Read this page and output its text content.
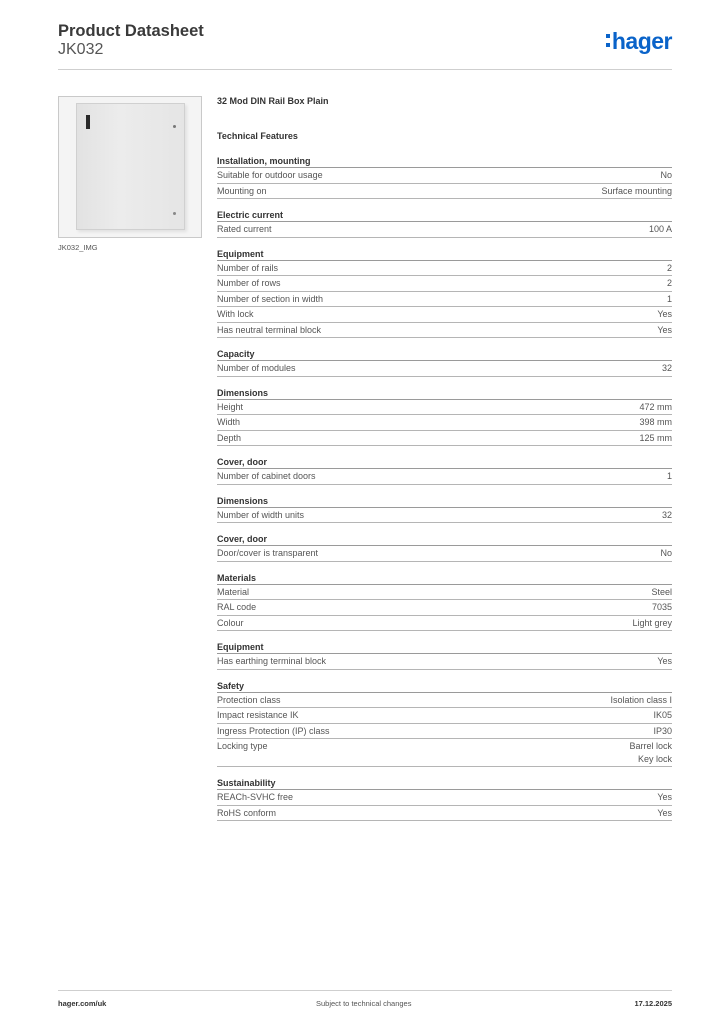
Product Datasheet
JK032	hager
JK032_IMG
32 Mod DIN Rail Box Plain
Technical Features
Installation, mounting
Suitable for outdoor usage	No
Mounting on	Surface mounting
Electric current
Rated current	100 A
Equipment
Number of rails	2
Number of rows	2
Number of section in width	1
With lock	Yes
Has neutral terminal block	Yes
Capacity
Number of modules	32
Dimensions
Height	472 mm
Width	398 mm
Depth	125 mm
Cover, door
Number of cabinet doors	1
Dimensions
Number of width units	32
Cover, door
Door/cover is transparent	No
Materials
Material	Steel
RAL code	7035
Colour	Light grey
Equipment
Has earthing terminal block	Yes
Safety
Protection class	Isolation class I
Impact resistance IK	IK05
Ingress Protection (IP) class	IP30
Locking type	Barrel lock
Key lock
Sustainability
REACh-SVHC free	Yes
RoHS conform	Yes
hager.com/uk	Subject to technical changes	17.12.2025
